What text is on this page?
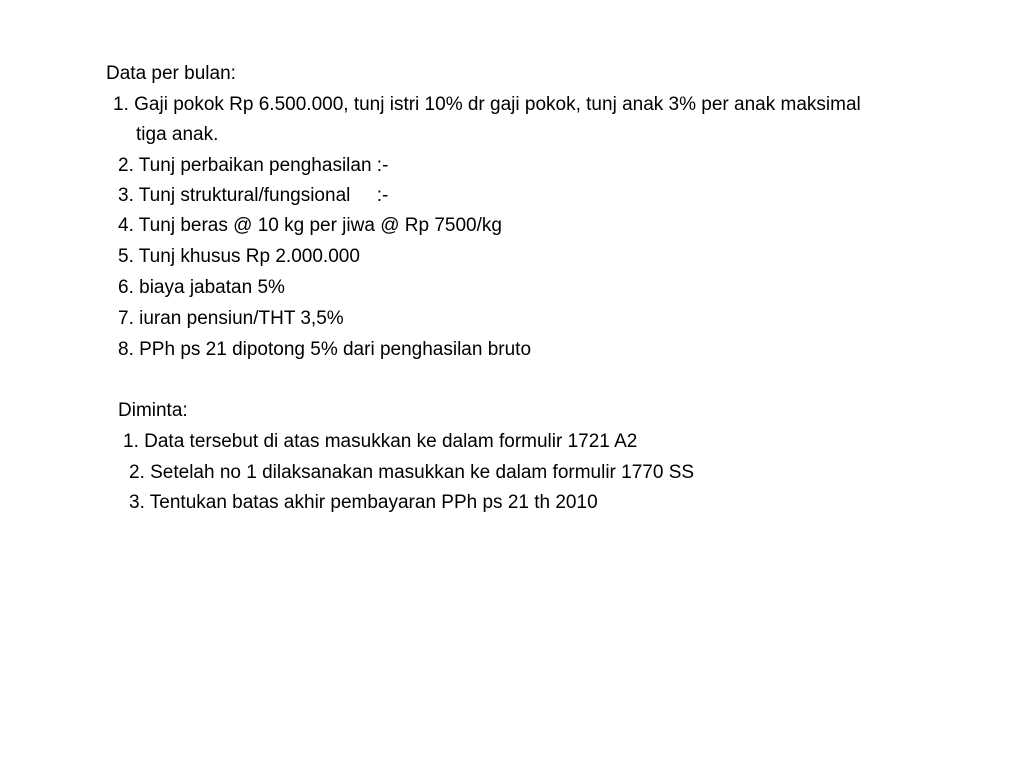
Data per bulan:
1. Gaji pokok Rp 6.500.000, tunj istri 10% dr gaji pokok, tunj anak 3% per anak maksimal
tiga anak.
2. Tunj perbaikan penghasilan :-
3. Tunj struktural/fungsional     :-
4. Tunj beras @ 10 kg per jiwa @ Rp 7500/kg
5. Tunj khusus Rp 2.000.000
6. biaya jabatan 5%
7. iuran pensiun/THT 3,5%
8. PPh ps 21 dipotong 5% dari penghasilan bruto
Diminta:
1. Data tersebut di atas masukkan ke dalam formulir 1721 A2
2. Setelah no 1 dilaksanakan masukkan ke dalam formulir 1770 SS
3. Tentukan batas akhir pembayaran PPh ps 21 th 2010
